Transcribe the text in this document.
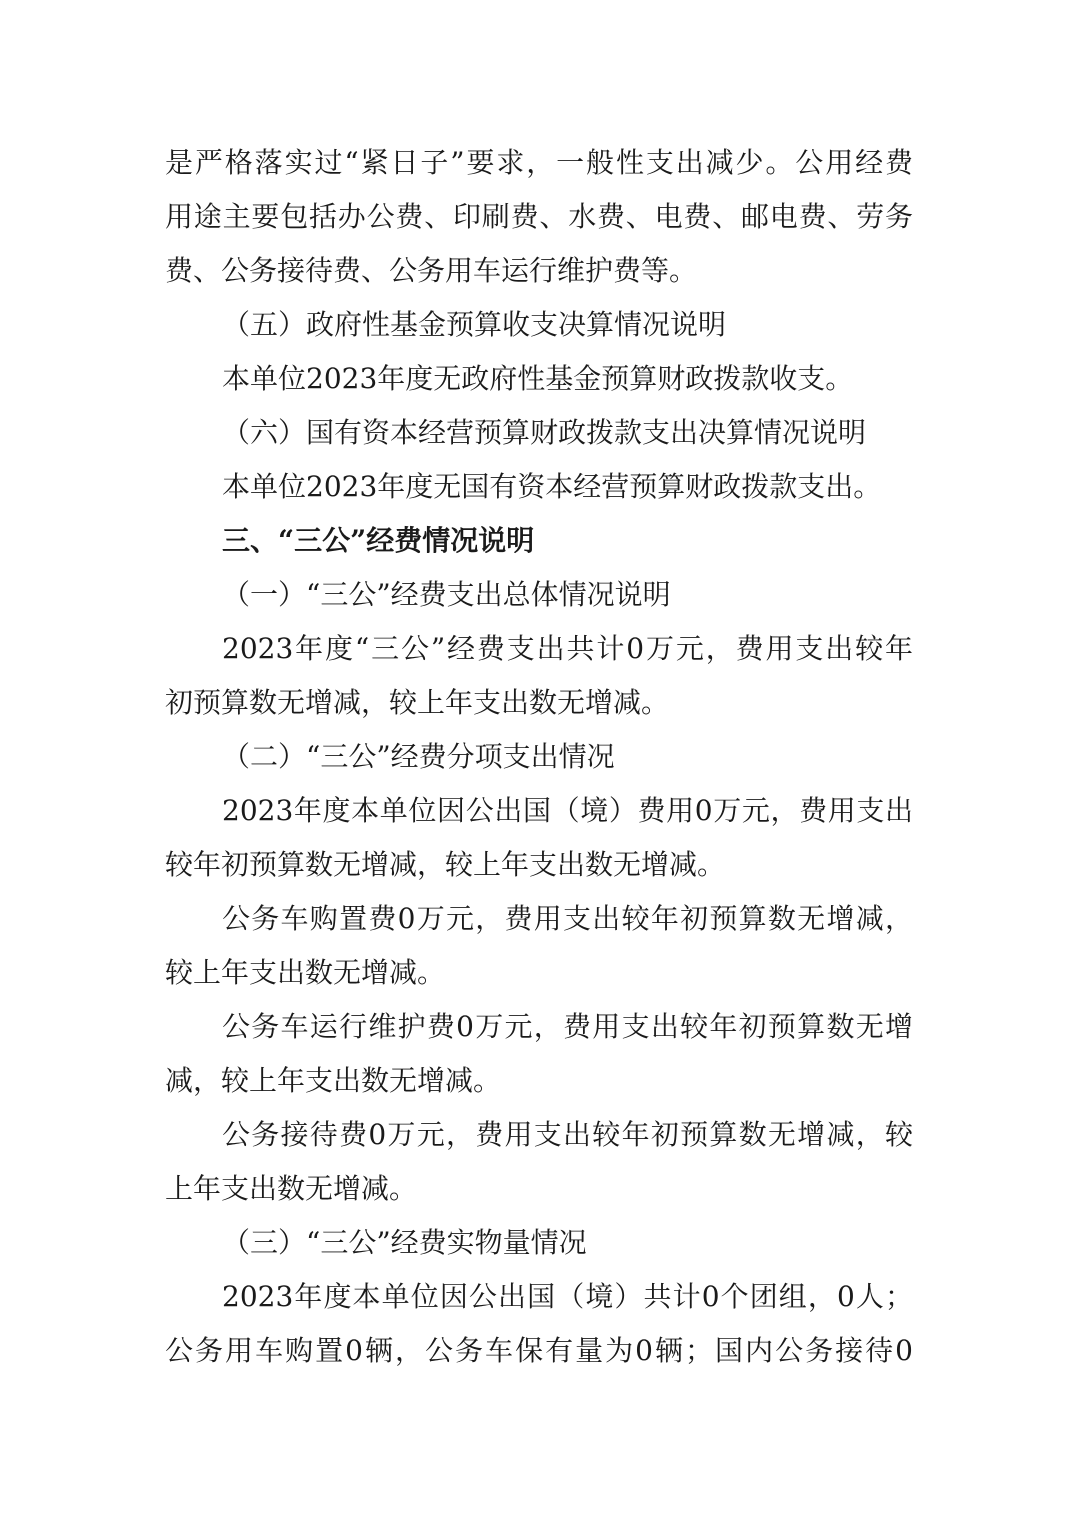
是严格落实过“紧日子”要求，一般性支出减少。公用经费
用途主要包括办公费、印刷费、水费、电费、邮电费、劳务
费、公务接待费、公务用车运行维护费等。
（五）政府性基金预算收支决算情况说明
本单位2023年度无政府性基金预算财政拨款收支。
（六）国有资本经营预算财政拨款支出决算情况说明
本单位2023年度无国有资本经营预算财政拨款支出。
三、“三公”经费情况说明
（一）“三公”经费支出总体情况说明
2023年度“三公”经费支出共计0万元，费用支出较年
初预算数无增减，较上年支出数无增减。
（二）“三公”经费分项支出情况
2023年度本单位因公出国（境）费用0万元，费用支出
较年初预算数无增减，较上年支出数无增减。
公务车购置费0万元，费用支出较年初预算数无增减，
较上年支出数无增减。
公务车运行维护费0万元，费用支出较年初预算数无增
减，较上年支出数无增减。
公务接待费0万元，费用支出较年初预算数无增减，较
上年支出数无增减。
（三）“三公”经费实物量情况
2023年度本单位因公出国（境）共计0个团组，0人；
公务用车购置0辆，公务车保有量为0辆；国内公务接待0
